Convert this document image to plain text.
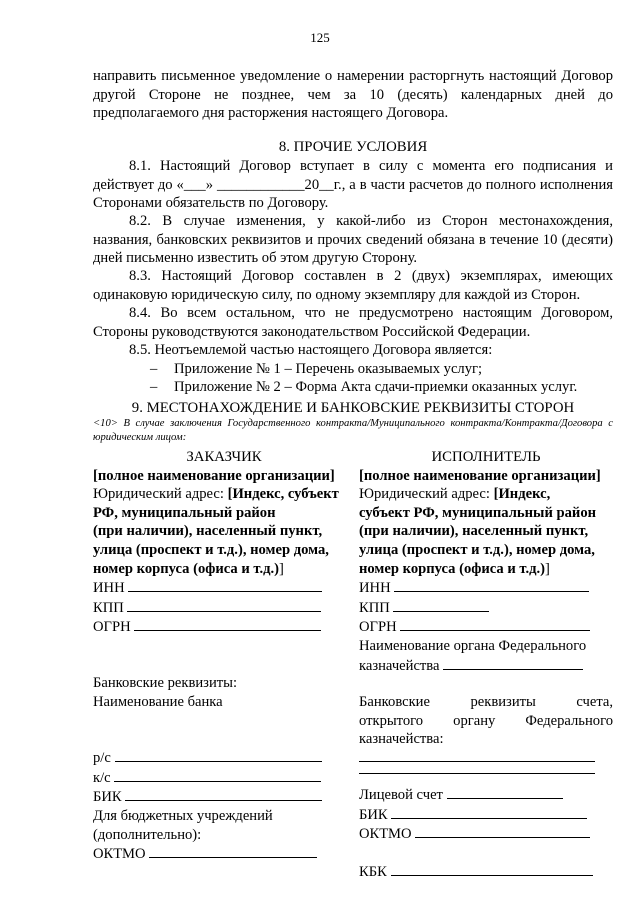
125
направить письменное уведомление о намерении расторгнуть настоящий Договор другой Стороне не позднее, чем за 10 (десять) календарных дней до предполагаемого дня расторжения настоящего Договора.
8. ПРОЧИЕ УСЛОВИЯ
8.1. Настоящий Договор вступает в силу с момента его подписания и действует до «___» ____________20__г., а в части расчетов до полного исполнения Сторонами обязательств по Договору.
8.2. В случае изменения, у какой-либо из Сторон местонахождения, названия, банковских реквизитов и прочих сведений обязана в течение 10 (десяти) дней письменно известить об этом другую Сторону.
8.3. Настоящий Договор составлен в 2 (двух) экземплярах, имеющих одинаковую юридическую силу, по одному экземпляру для каждой из Сторон.
8.4. Во всем остальном, что не предусмотрено настоящим Договором, Стороны руководствуются законодательством Российской Федерации.
8.5. Неотъемлемой частью настоящего Договора является:
– Приложение № 1 – Перечень оказываемых услуг;
– Приложение № 2 – Форма Акта сдачи-приемки оказанных услуг.
9. МЕСТОНАХОЖДЕНИЕ И БАНКОВСКИЕ РЕКВИЗИТЫ СТОРОН
<10> В случае заключения Государственного контракта/Муниципального контракта/Контракта/Договора с юридическим лицом:
ЗАКАЗЧИК
[полное наименование организации]
Юридический адрес: [Индекс, субъект
РФ, муниципальный район
(при наличии), населенный пункт,
улица (проспект и т.д.), номер дома,
номер корпуса (офиса и т.д.)]
ИНН
КПП
ОГРН
Банковские реквизиты:
Наименование банка
р/с
к/с
БИК
Для бюджетных учреждений
(дополнительно):
ОКТМО
ИСПОЛНИТЕЛЬ
[полное наименование организации]
Юридический адрес: [Индекс,
субъект РФ, муниципальный район
(при наличии), населенный пункт,
улица (проспект и т.д.), номер дома,
номер корпуса (офиса и т.д.)]
ИНН
КПП
ОГРН
Наименование органа Федерального
казначейства
Банковские	реквизиты	счета,
открытого органу Федерального
казначейства:
Лицевой счет
БИК
ОКТМО
КБК
